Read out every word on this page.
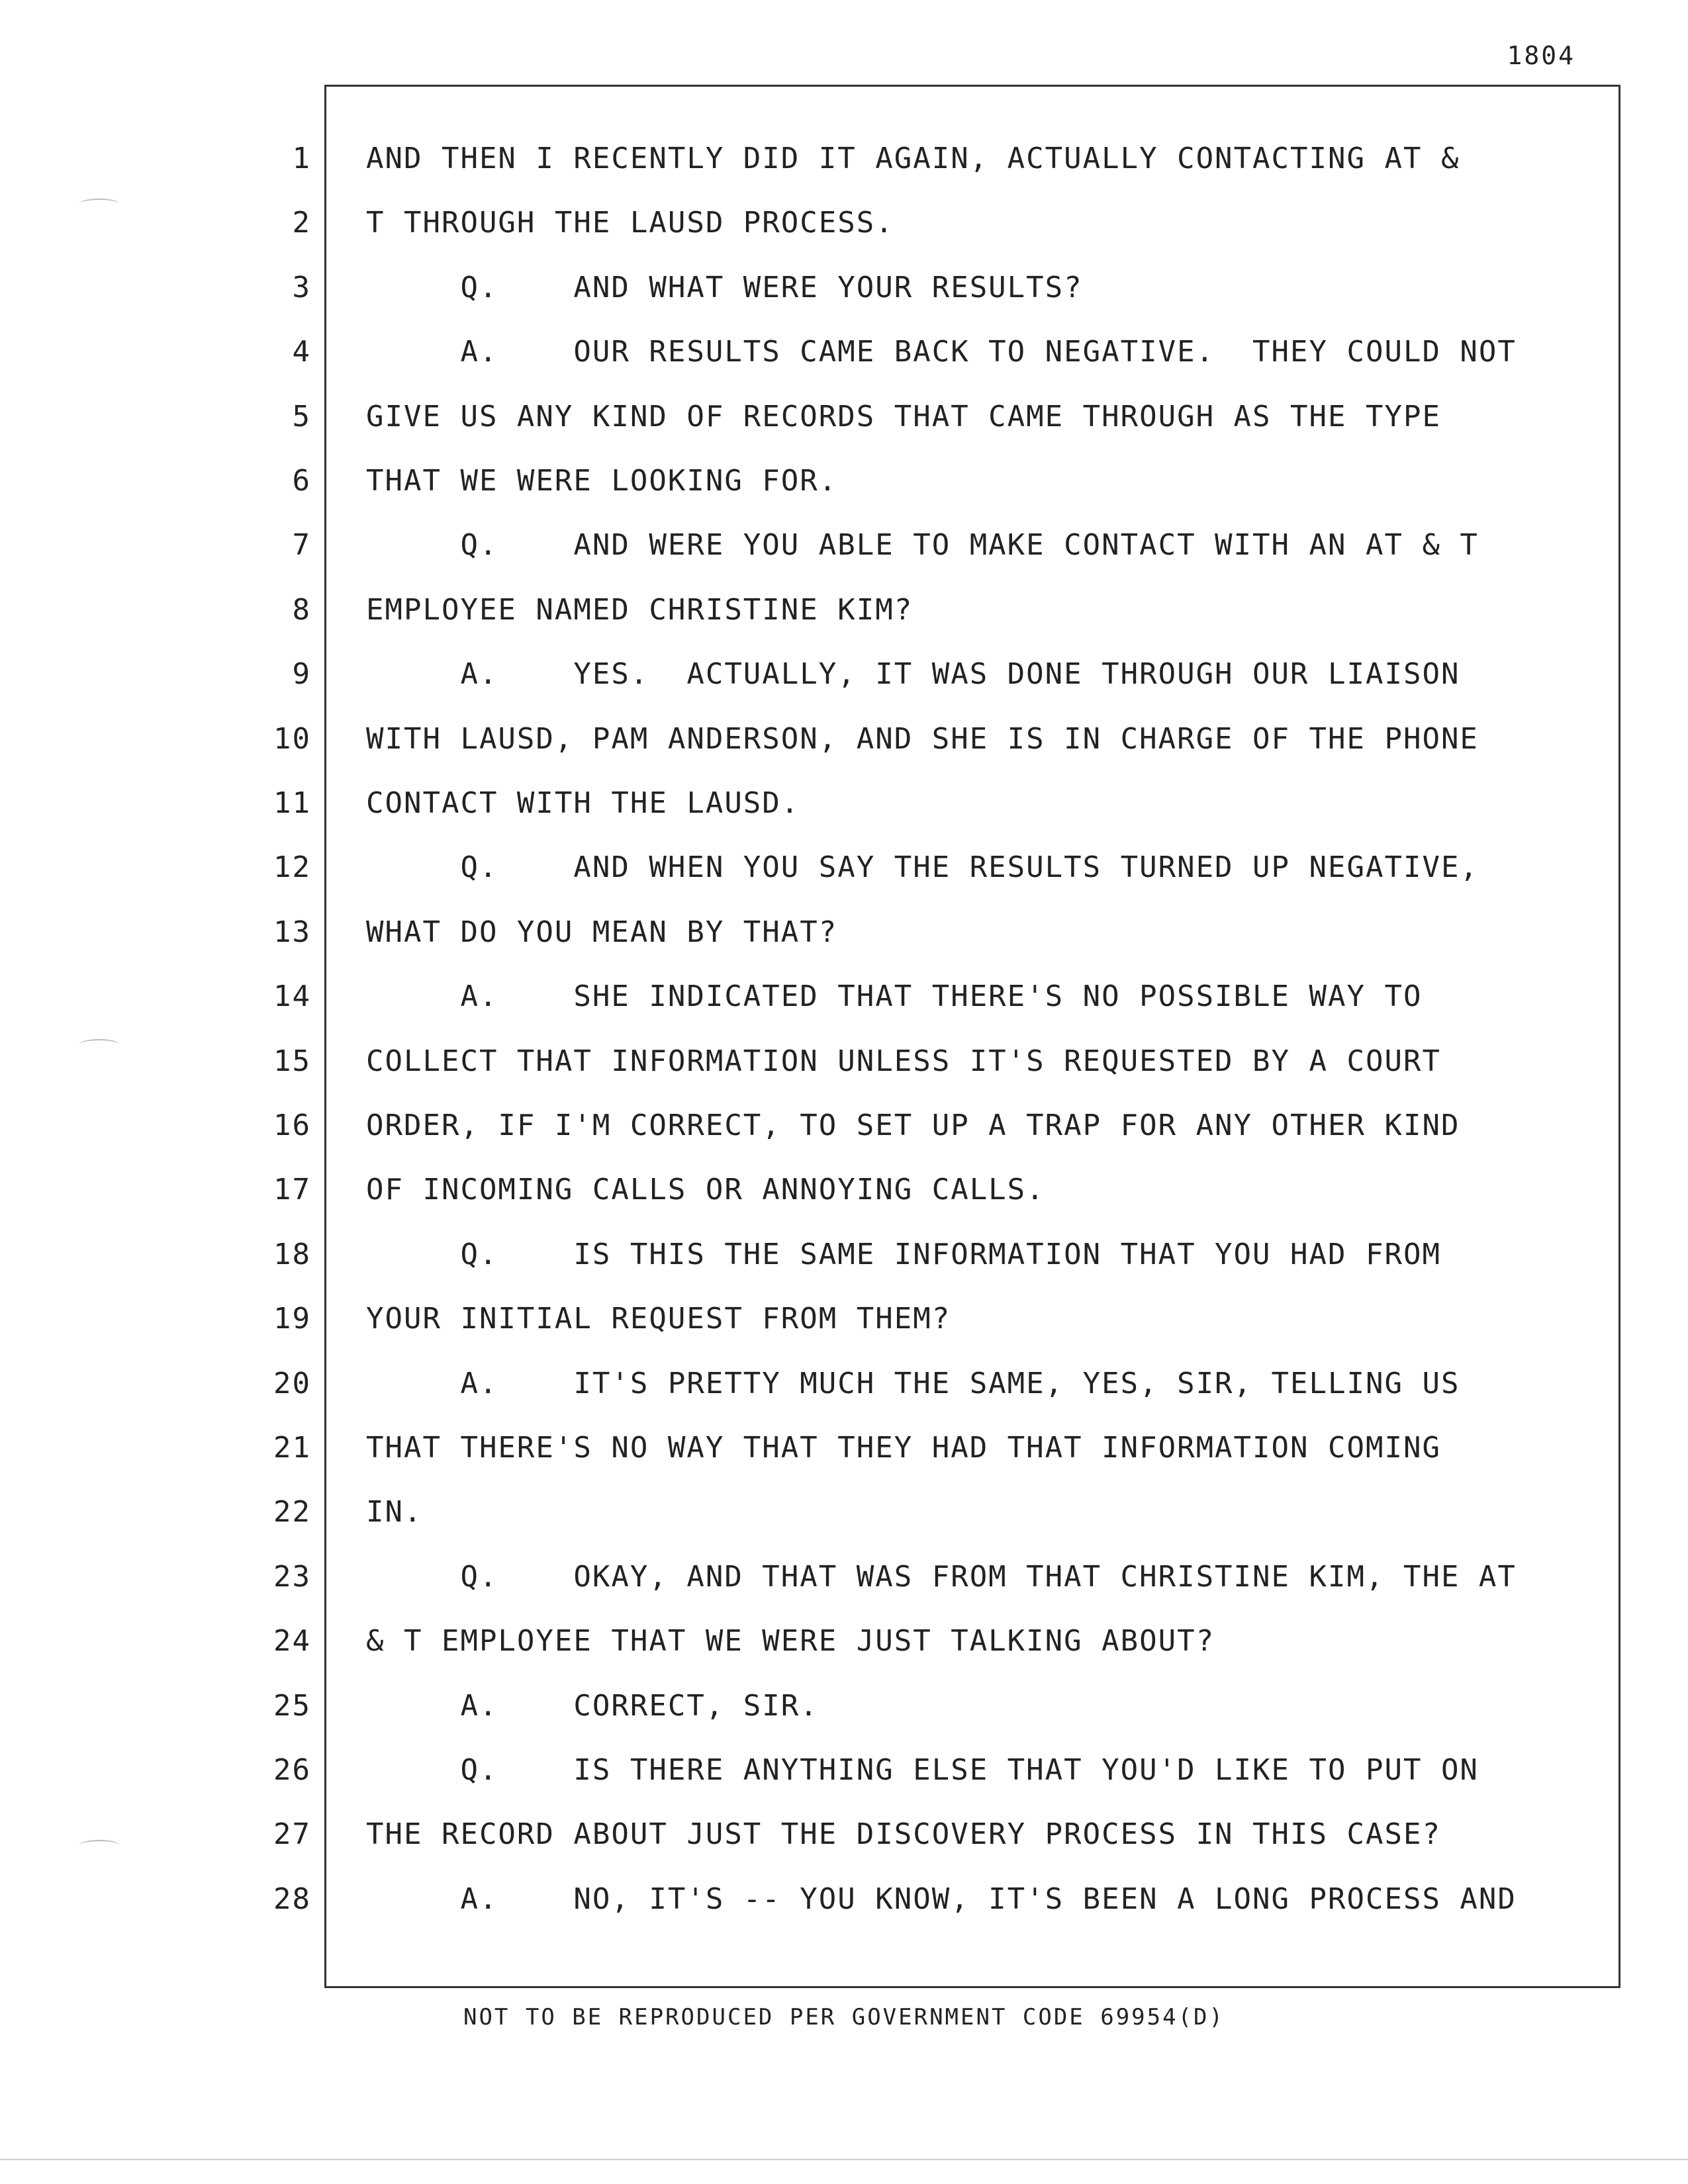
1804
1 AND THEN I RECENTLY DID IT AGAIN, ACTUALLY CONTACTING AT &
2 T THROUGH THE LAUSD PROCESS.
3 Q.    AND WHAT WERE YOUR RESULTS?
4 A.    OUR RESULTS CAME BACK TO NEGATIVE.  THEY COULD NOT
5 GIVE US ANY KIND OF RECORDS THAT CAME THROUGH AS THE TYPE
6 THAT WE WERE LOOKING FOR.
7 Q.    AND WERE YOU ABLE TO MAKE CONTACT WITH AN AT & T
8 EMPLOYEE NAMED CHRISTINE KIM?
9 A.    YES.  ACTUALLY, IT WAS DONE THROUGH OUR LIAISON
10 WITH LAUSD, PAM ANDERSON, AND SHE IS IN CHARGE OF THE PHONE
11 CONTACT WITH THE LAUSD.
12 Q.    AND WHEN YOU SAY THE RESULTS TURNED UP NEGATIVE,
13 WHAT DO YOU MEAN BY THAT?
14 A.    SHE INDICATED THAT THERE'S NO POSSIBLE WAY TO
15 COLLECT THAT INFORMATION UNLESS IT'S REQUESTED BY A COURT
16 ORDER, IF I'M CORRECT, TO SET UP A TRAP FOR ANY OTHER KIND
17 OF INCOMING CALLS OR ANNOYING CALLS.
18 Q.    IS THIS THE SAME INFORMATION THAT YOU HAD FROM
19 YOUR INITIAL REQUEST FROM THEM?
20 A.    IT'S PRETTY MUCH THE SAME, YES, SIR, TELLING US
21 THAT THERE'S NO WAY THAT THEY HAD THAT INFORMATION COMING
22 IN.
23 Q.    OKAY, AND THAT WAS FROM THAT CHRISTINE KIM, THE AT
24 & T EMPLOYEE THAT WE WERE JUST TALKING ABOUT?
25 A.    CORRECT, SIR.
26 Q.    IS THERE ANYTHING ELSE THAT YOU'D LIKE TO PUT ON
27 THE RECORD ABOUT JUST THE DISCOVERY PROCESS IN THIS CASE?
28 A.    NO, IT'S -- YOU KNOW, IT'S BEEN A LONG PROCESS AND
NOT TO BE REPRODUCED PER GOVERNMENT CODE 69954(D)
